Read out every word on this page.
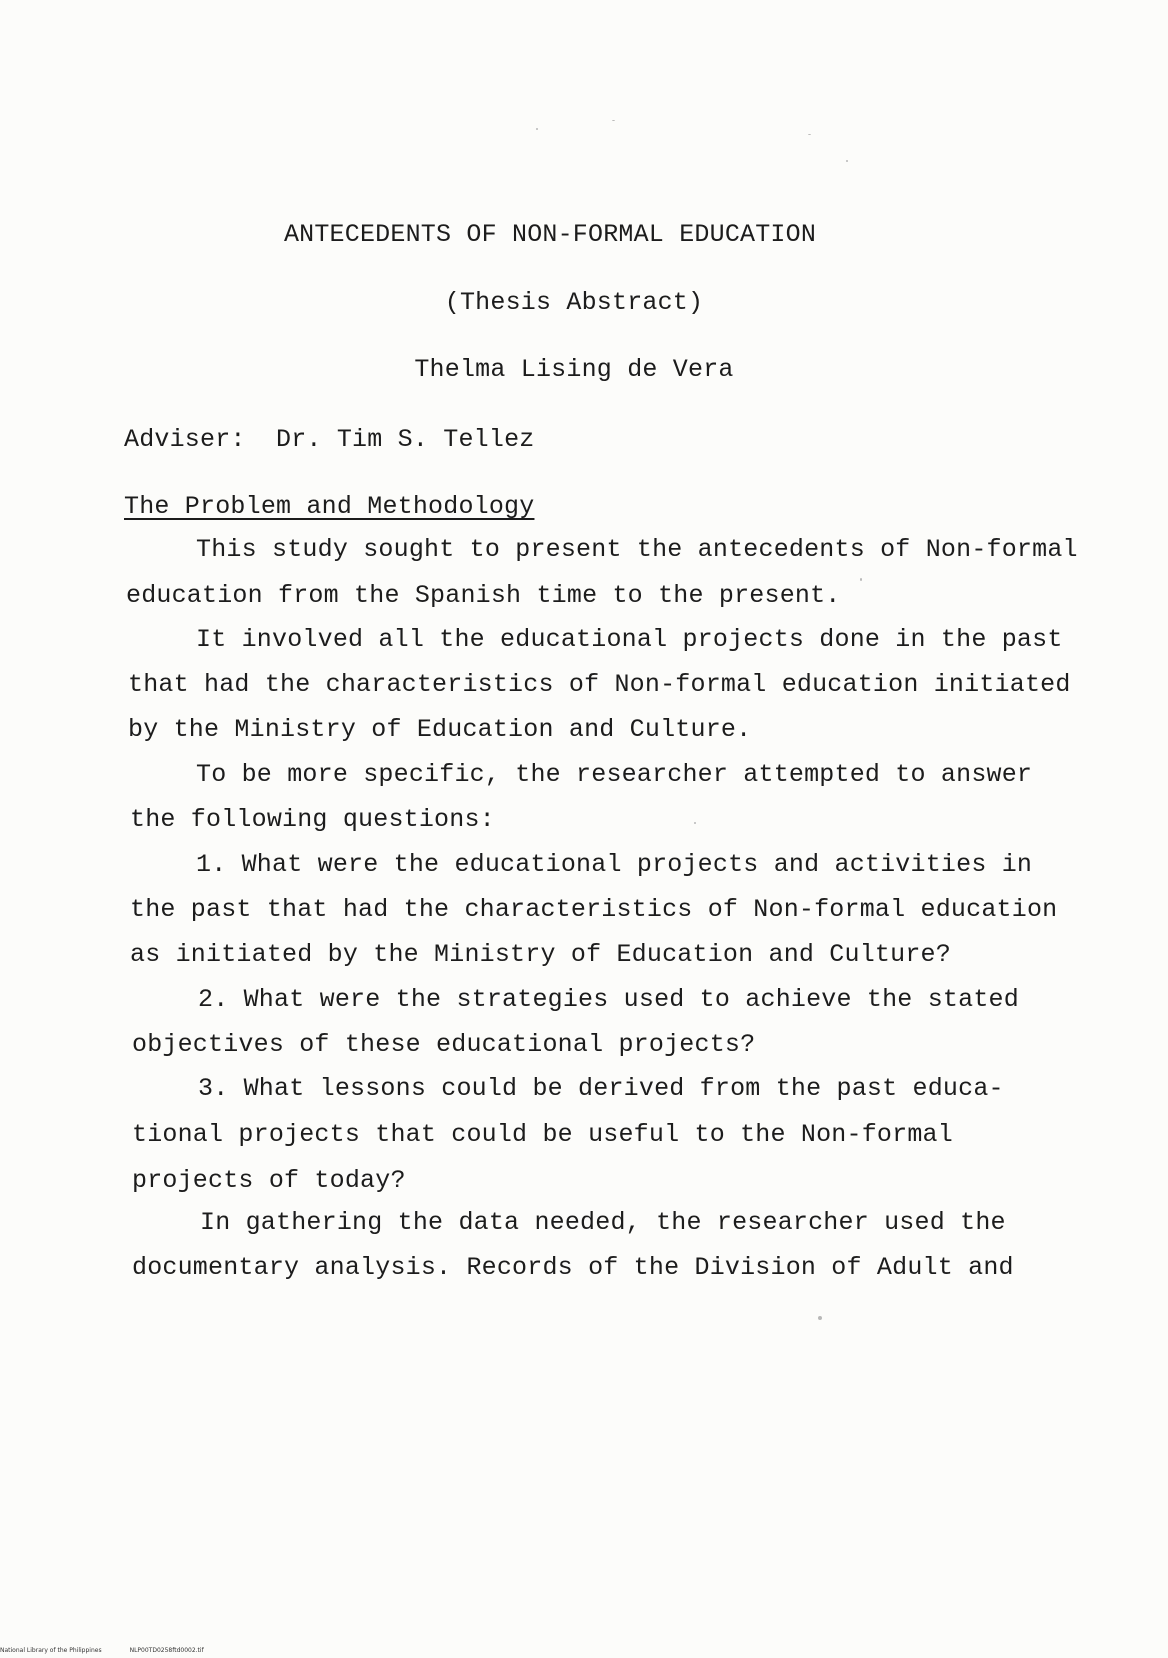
ANTECEDENTS OF NON-FORMAL EDUCATION
(Thesis Abstract)
Thelma Lising de Vera
Adviser: Dr. Tim S. Tellez
The Problem and Methodology
This study sought to present the antecedents of Non-formal
education from the Spanish time to the present.
It involved all the educational projects done in the past
that had the characteristics of Non-formal education initiated
by the Ministry of Education and Culture.
To be more specific, the researcher attempted to answer
the following questions:
1. What were the educational projects and activities in
the past that had the characteristics of Non-formal education
as initiated by the Ministry of Education and Culture?
2. What were the strategies used to achieve the stated
objectives of these educational projects?
3. What lessons could be derived from the past educa-
tional projects that could be useful to the Non-formal
projects of today?
In gathering the data needed, the researcher used the
documentary analysis. Records of the Division of Adult and
National Library of the Philippines	NLP00TD0258ftd0002.tif
